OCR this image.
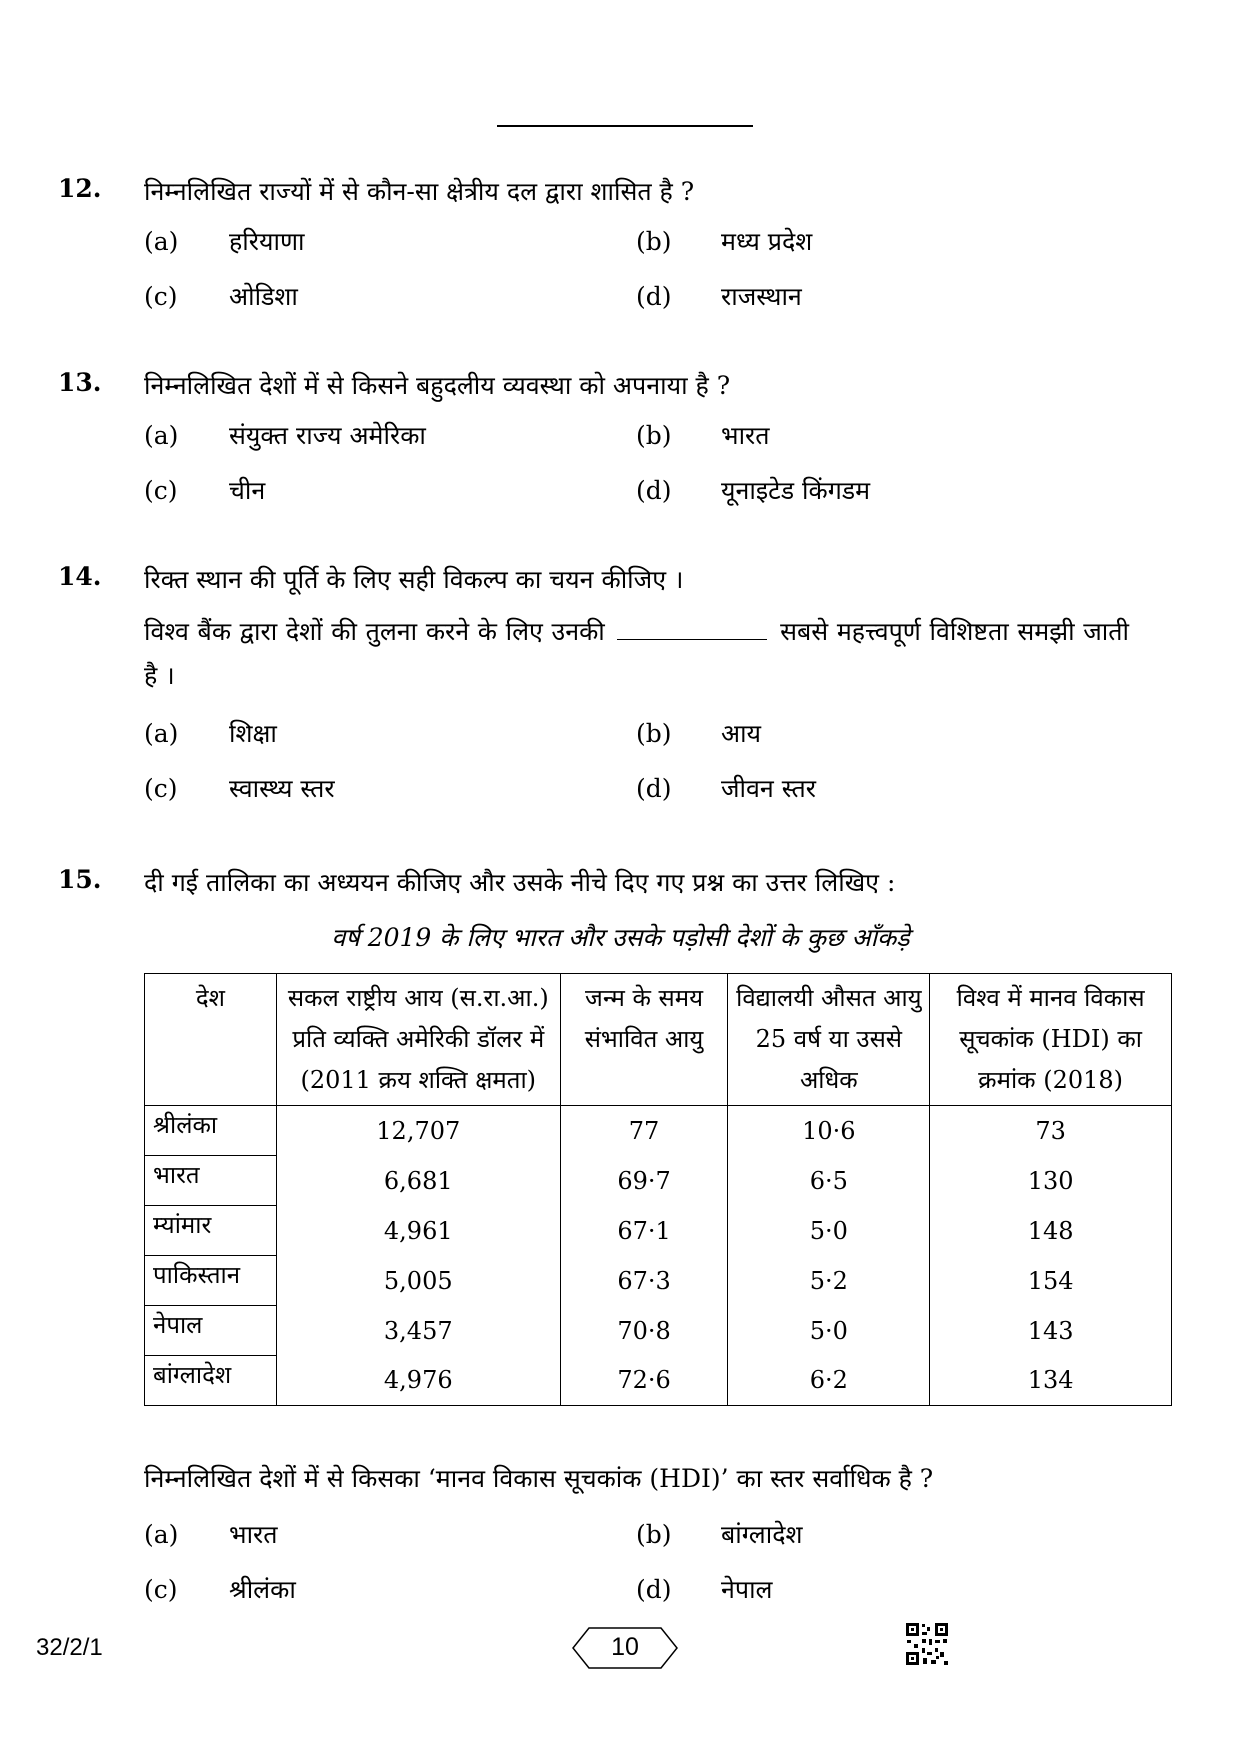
12. निम्नलिखित राज्यों में से कौन-सा क्षेत्रीय दल द्वारा शासित है ?
(a) हरियाणा	(b) मध्य प्रदेश
(c) ओडिशा	(d) राजस्थान
13. निम्नलिखित देशों में से किसने बहुदलीय व्यवस्था को अपनाया है ?
(a) संयुक्त राज्य अमेरिका	(b) भारत
(c) चीन	(d) यूनाइटेड किंगडम
14. रिक्त स्थान की पूर्ति के लिए सही विकल्प का चयन कीजिए ।
विश्व बैंक द्वारा देशों की तुलना करने के लिए उनकी	सबसे महत्त्वपूर्ण विशिष्टता समझी जाती है ।
(a) शिक्षा	(b) आय
(c) स्वास्थ्य स्तर	(d) जीवन स्तर
15. दी गई तालिका का अध्ययन कीजिए और उसके नीचे दिए गए प्रश्न का उत्तर लिखिए :
वर्ष 2019 के लिए भारत और उसके पड़ोसी देशों के कुछ आँकड़े
देश	सकल राष्ट्रीय आय (स.रा.आ.) प्रति व्यक्ति अमेरिकी डॉलर में (2011 क्रय शक्ति क्षमता)	जन्म के समय संभावित आयु	विद्यालयी औसत आयु 25 वर्ष या उससे अधिक	विश्व में मानव विकास सूचकांक (HDI) का क्रमांक (2018)
श्रीलंका	12,707	77	10·6	73
भारत	6,681	69·7	6·5	130
म्यांमार	4,961	67·1	5·0	148
पाकिस्तान	5,005	67·3	5·2	154
नेपाल	3,457	70·8	5·0	143
बांग्लादेश	4,976	72·6	6·2	134
निम्नलिखित देशों में से किसका ‘मानव विकास सूचकांक (HDI)’ का स्तर सर्वाधिक है ?
(a) भारत	(b) बांग्लादेश
(c) श्रीलंका	(d) नेपाल
32/2/1	10
